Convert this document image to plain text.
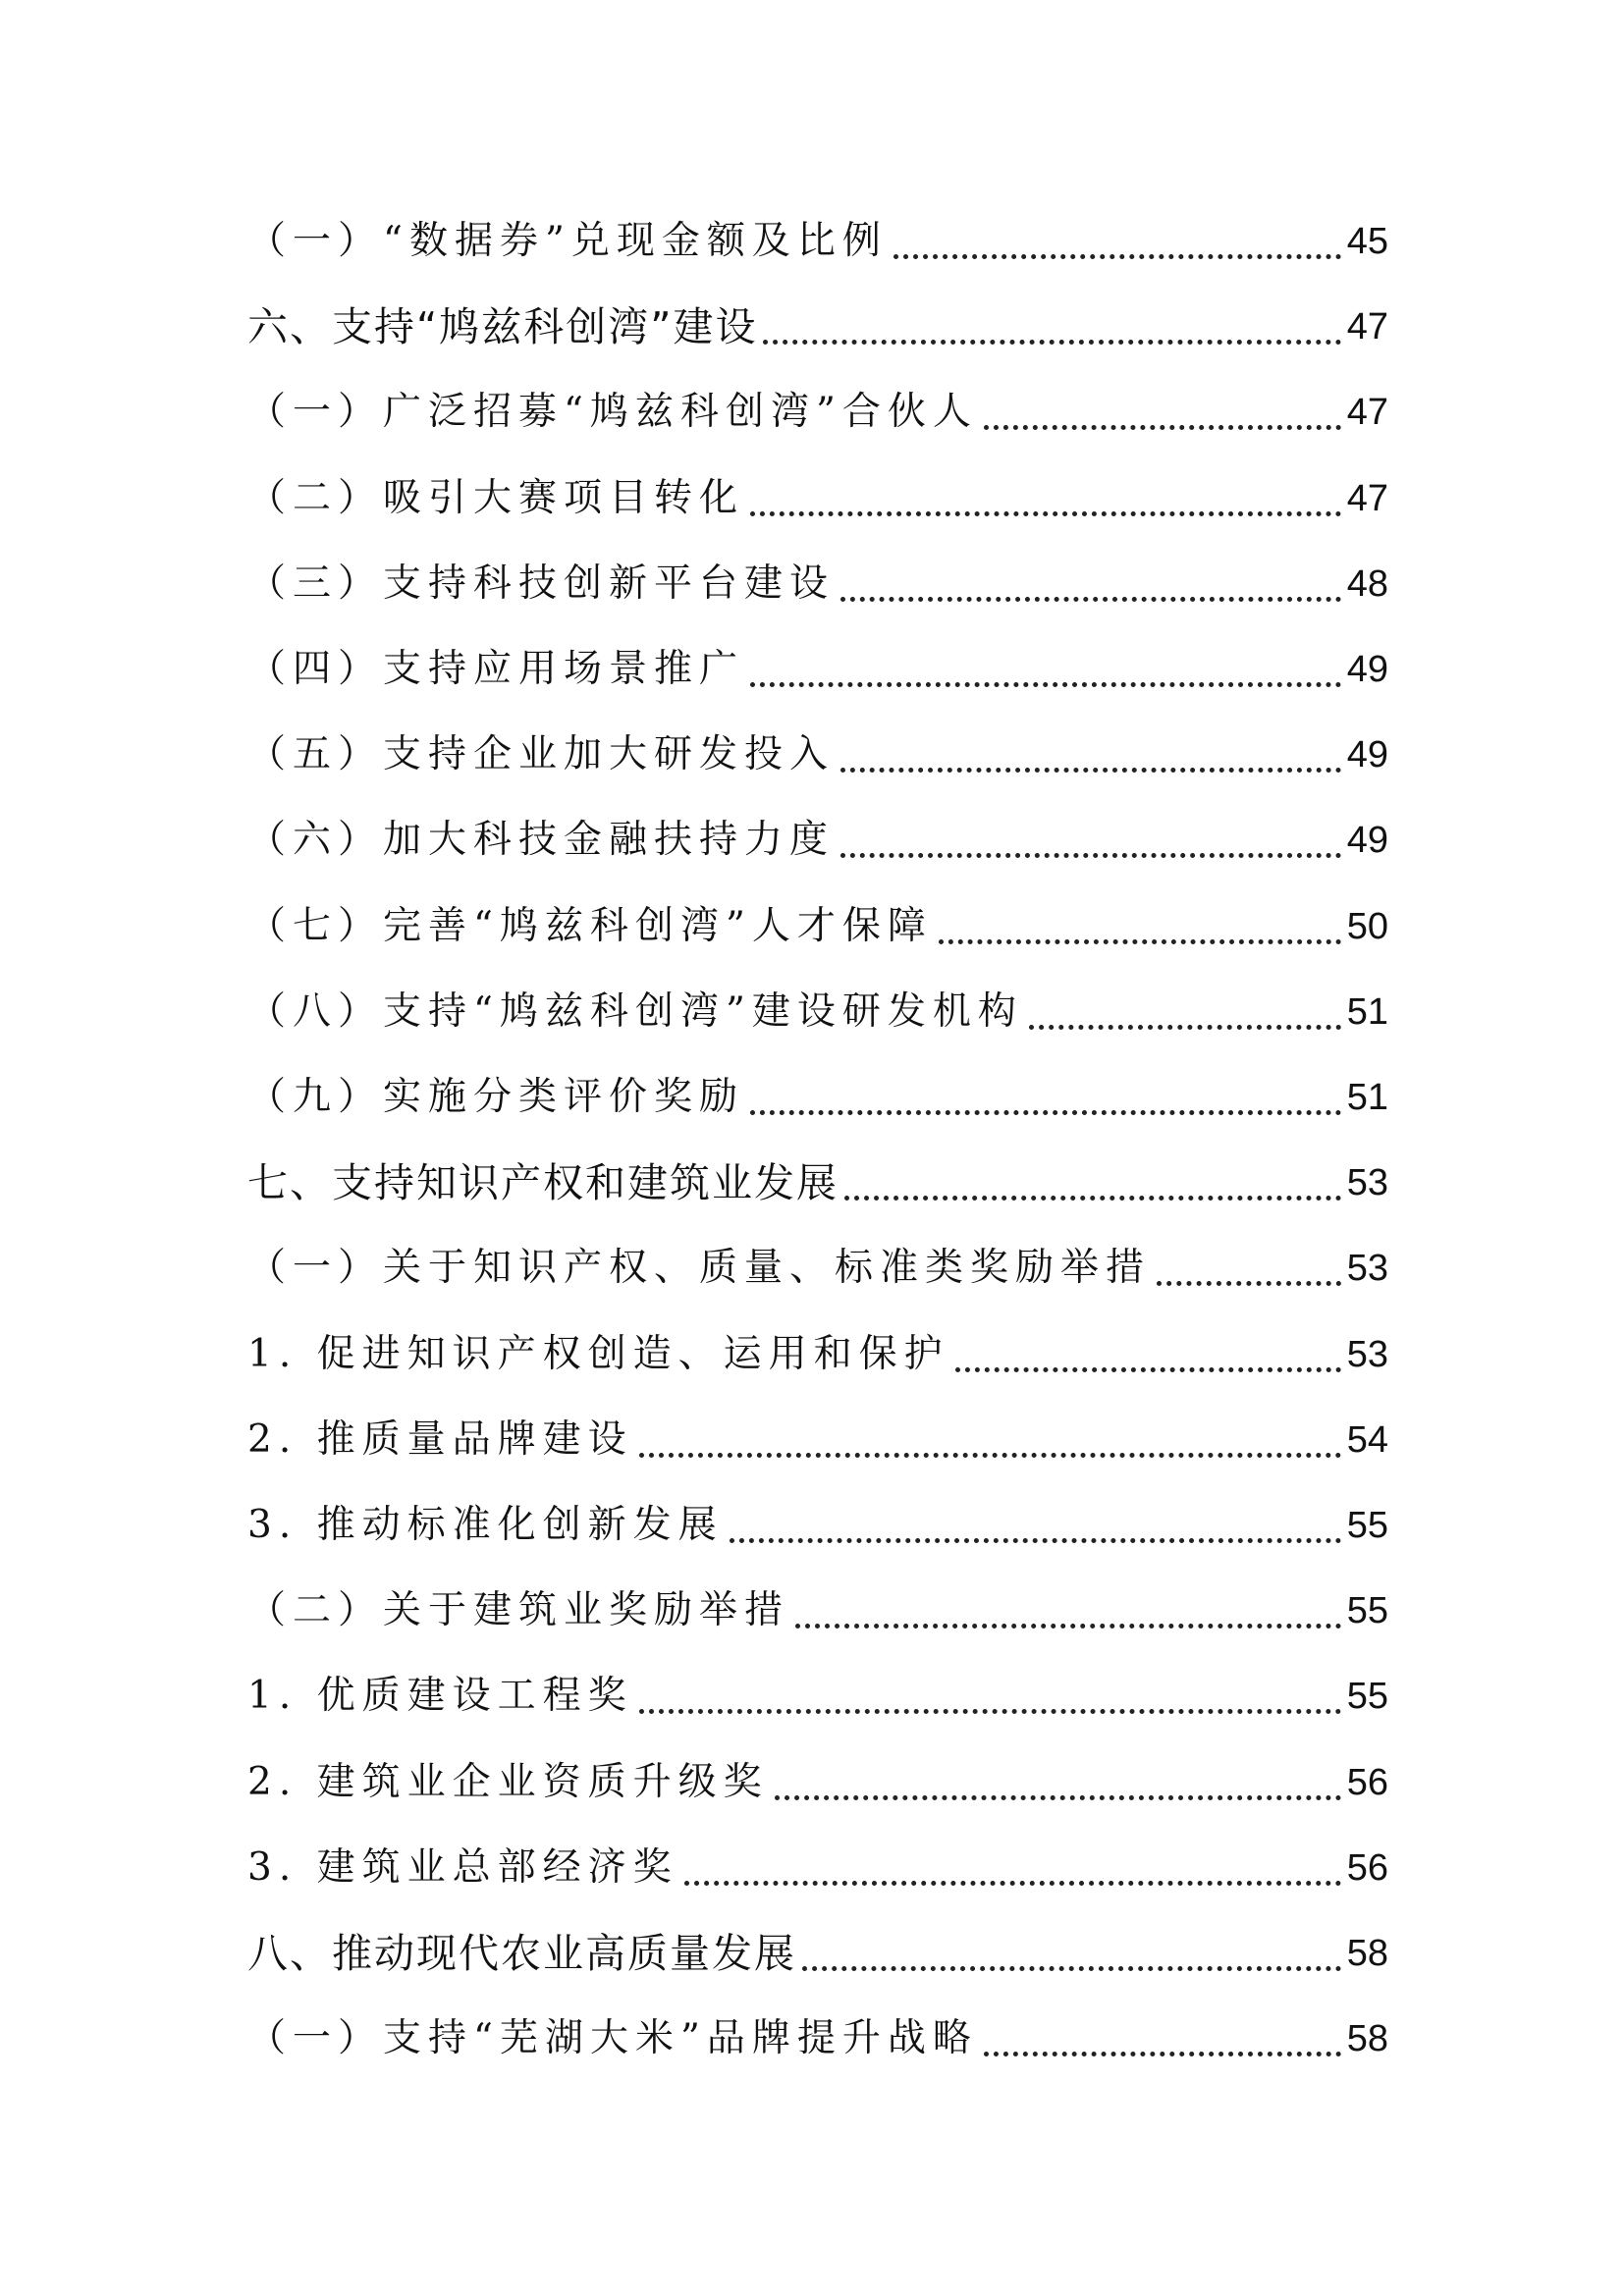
（一）“数据券”兑现金额及比例	45
六、支持“鸠兹科创湾”建设	47
（一）广泛招募“鸠兹科创湾”合伙人	47
（二）吸引大赛项目转化	47
（三）支持科技创新平台建设	48
（四）支持应用场景推广	49
（五）支持企业加大研发投入	49
（六）加大科技金融扶持力度	49
（七）完善“鸠兹科创湾”人才保障	50
（八）支持“鸠兹科创湾”建设研发机构	51
（九）实施分类评价奖励	51
七、支持知识产权和建筑业发展	53
（一）关于知识产权、质量、标准类奖励举措	53
1. 促进知识产权创造、运用和保护	53
2. 推质量品牌建设	54
3. 推动标准化创新发展	55
（二）关于建筑业奖励举措	55
1. 优质建设工程奖	55
2. 建筑业企业资质升级奖	56
3. 建筑业总部经济奖	56
八、推动现代农业高质量发展	58
（一）支持“芜湖大米”品牌提升战略	58
